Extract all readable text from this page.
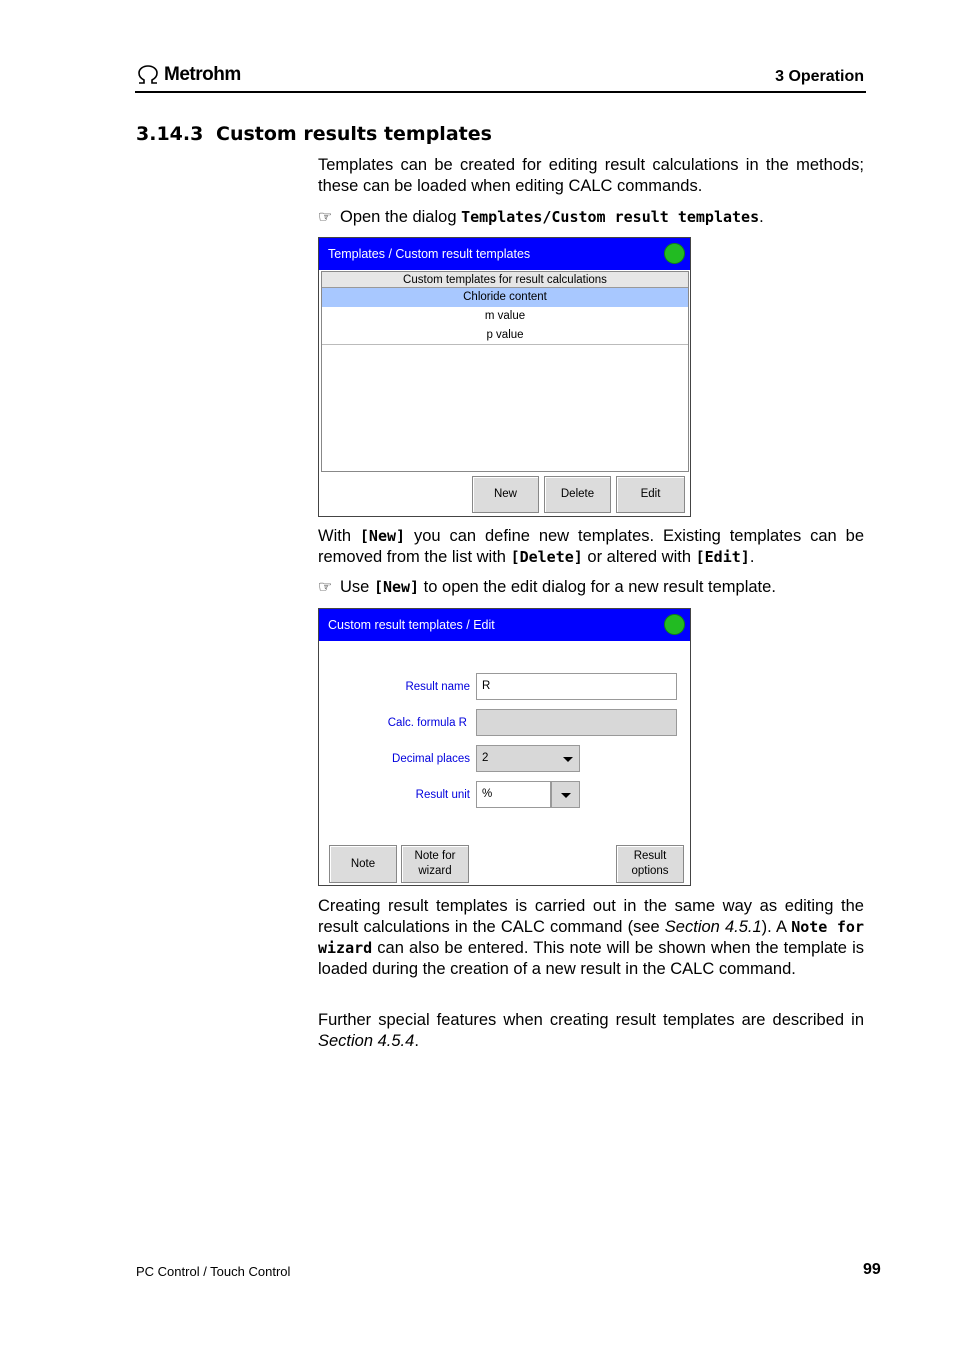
Metrohm	3 Operation
3.14.3 Custom results templates
Templates can be created for editing result calculations in the methods; these can be loaded when editing CALC commands.
☞ Open the dialog Templates/Custom result templates.
Templates / Custom result templates
Custom templates for result calculations
Chloride content
m value
p value
New	Delete	Edit
With [New] you can define new templates. Existing templates can be removed from the list with [Delete] or altered with [Edit].
☞ Use [New] to open the edit dialog for a new result template.
Custom result templates / Edit
Result name	R
Calc. formula R
Decimal places	2
Result unit	%
Note
Note for
wizard
Result
options
Creating result templates is carried out in the same way as editing the result calculations in the CALC command (see Section 4.5.1). A Note for wizard can also be entered. This note will be shown when the template is loaded during the creation of a new result in the CALC command.
Further special features when creating result templates are described in Section 4.5.4.
PC Control / Touch Control	99
